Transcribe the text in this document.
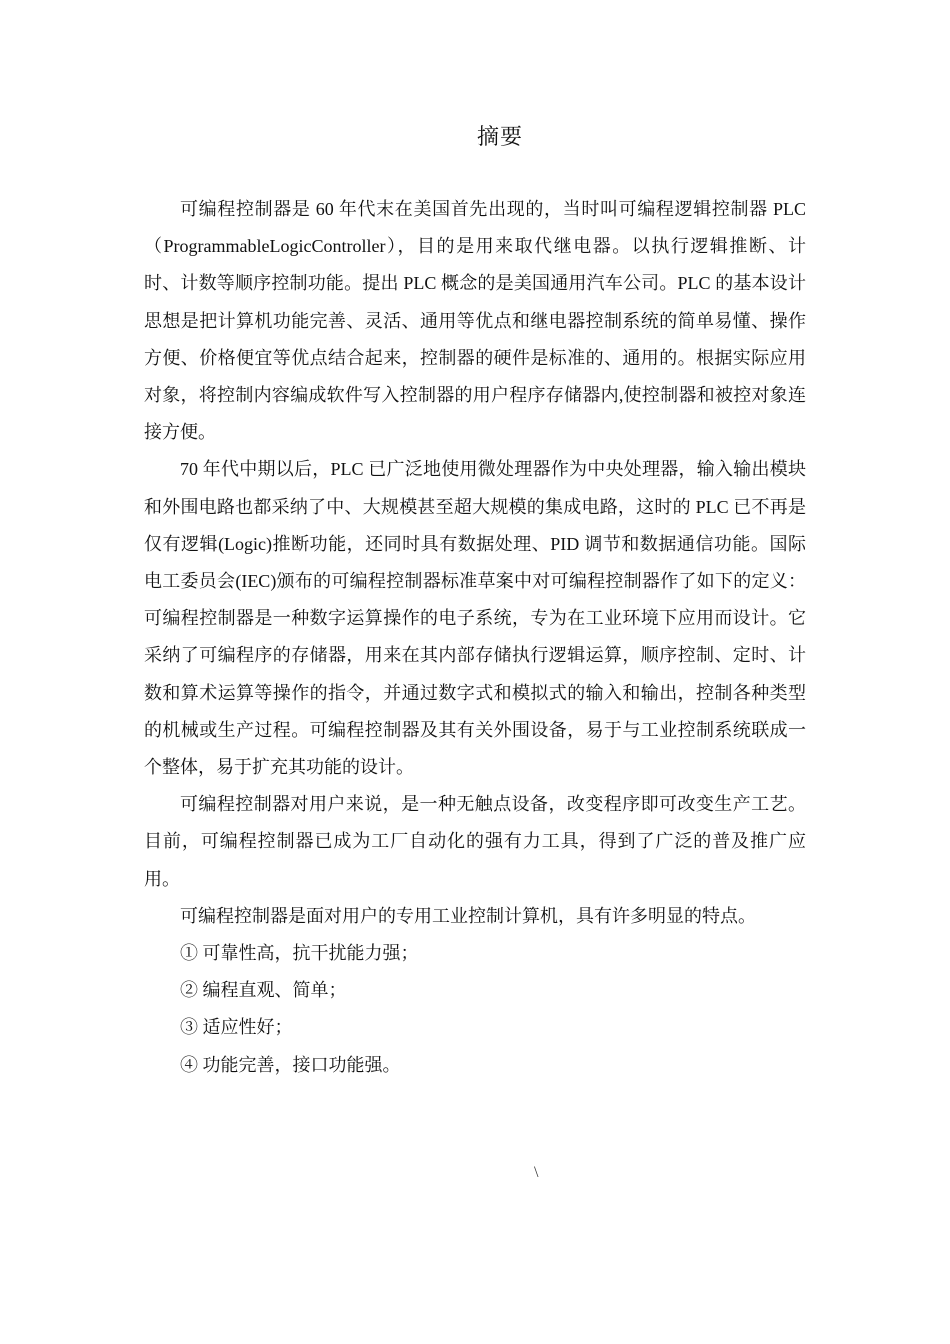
摘要

可编程控制器是 60 年代末在美国首先出现的，当时叫可编程逻辑控制器 PLC（ProgrammableLogicController），目的是用来取代继电器。以执行逻辑推断、计时、计数等顺序控制功能。提出 PLC 概念的是美国通用汽车公司。PLC 的基本设计思想是把计算机功能完善、灵活、通用等优点和继电器控制系统的简单易懂、操作方便、价格便宜等优点结合起来，控制器的硬件是标准的、通用的。根据实际应用对象，将控制内容编成软件写入控制器的用户程序存储器内,使控制器和被控对象连接方便。

70 年代中期以后，PLC 已广泛地使用微处理器作为中央处理器，输入输出模块和外围电路也都采纳了中、大规模甚至超大规模的集成电路，这时的 PLC 已不再是仅有逻辑(Logic)推断功能，还同时具有数据处理、PID 调节和数据通信功能。国际电工委员会(IEC)颁布的可编程控制器标准草案中对可编程控制器作了如下的定义：可编程控制器是一种数字运算操作的电子系统，专为在工业环境下应用而设计。它采纳了可编程序的存储器，用来在其内部存储执行逻辑运算，顺序控制、定时、计数和算术运算等操作的指令，并通过数字式和模拟式的输入和输出，控制各种类型的机械或生产过程。可编程控制器及其有关外围设备，易于与工业控制系统联成一个整体，易于扩充其功能的设计。

可编程控制器对用户来说，是一种无触点设备，改变程序即可改变生产工艺。目前，可编程控制器已成为工厂自动化的强有力工具，得到了广泛的普及推广应用。

可编程控制器是面对用户的专用工业控制计算机，具有许多明显的特点。

① 可靠性高，抗干扰能力强；

② 编程直观、简单；

③ 适应性好；

④ 功能完善，接口功能强。

\
